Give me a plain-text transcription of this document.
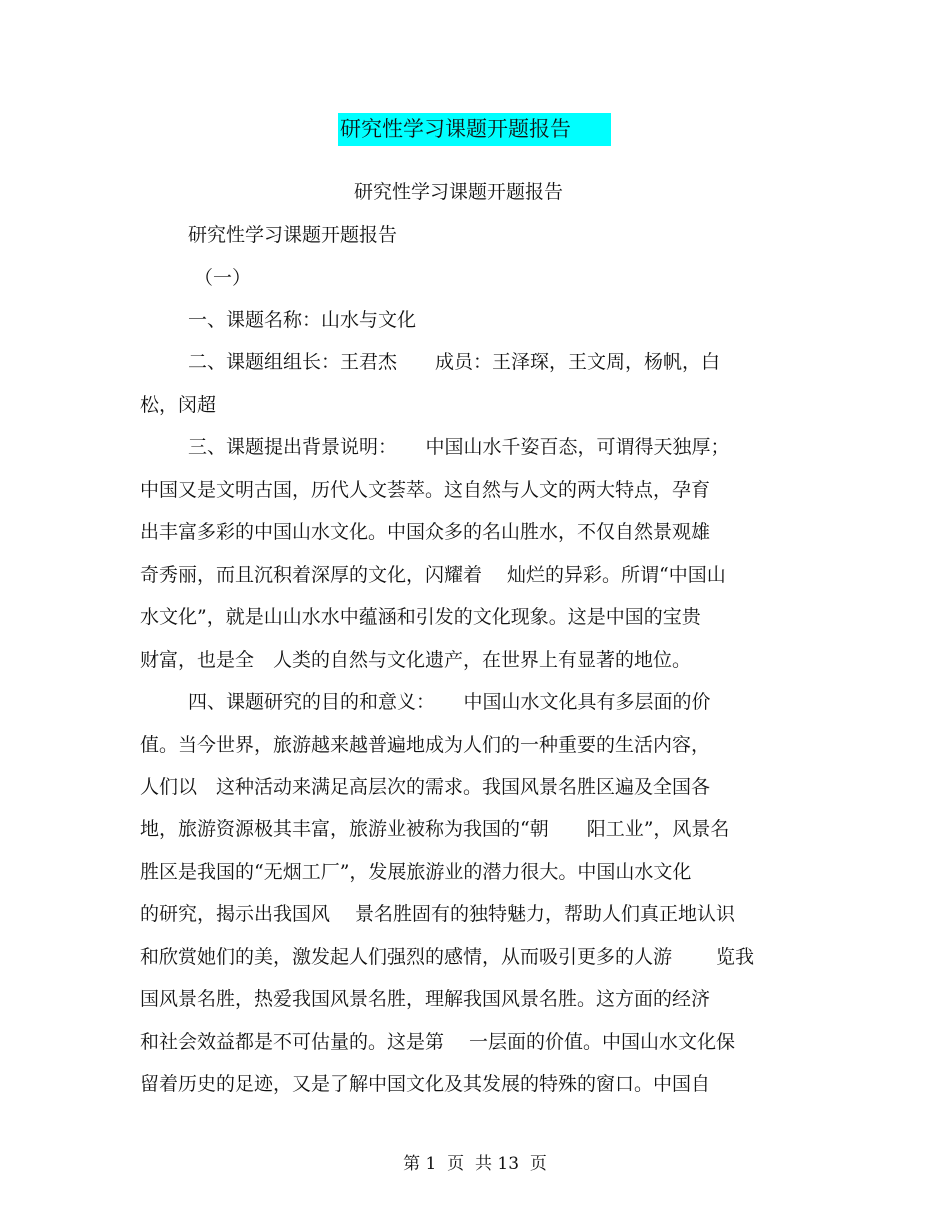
研究性学习课题开题报告
研究性学习课题开题报告
研究性学习课题开题报告
（一）
一、课题名称：山水与文化
二、课题组组长：王君杰　　成员：王泽琛，王文周，杨帆，白
松，闵超
三、课题提出背景说明：　　中国山水千姿百态，可谓得天独厚；
中国又是文明古国，历代人文荟萃。这自然与人文的两大特点，孕育
出丰富多彩的中国山水文化。中国众多的名山胜水，不仅自然景观雄
奇秀丽，而且沉积着深厚的文化，闪耀着　 灿烂的异彩。所谓“中国山
水文化”，就是山山水水中蕴涵和引发的文化现象。这是中国的宝贵
财富，也是全　人类的自然与文化遗产，在世界上有显著的地位。
四、课题研究的目的和意义：　　中国山水文化具有多层面的价
值。当今世界，旅游越来越普遍地成为人们的一种重要的生活内容，
人们以　这种活动来满足高层次的需求。我国风景名胜区遍及全国各
地，旅游资源极其丰富，旅游业被称为我国的“朝　　阳工业”，风景名
胜区是我国的“无烟工厂”，发展旅游业的潜力很大。中国山水文化
的研究，揭示出我国风　 景名胜固有的独特魅力，帮助人们真正地认识
和欣赏她们的美，激发起人们强烈的感情，从而吸引更多的人游　　 览我
国风景名胜，热爱我国风景名胜，理解我国风景名胜。这方面的经济
和社会效益都是不可估量的。这是第　 一层面的价值。中国山水文化保
留着历史的足迹，又是了解中国文化及其发展的特殊的窗口。中国自
第 1  页  共 13  页
